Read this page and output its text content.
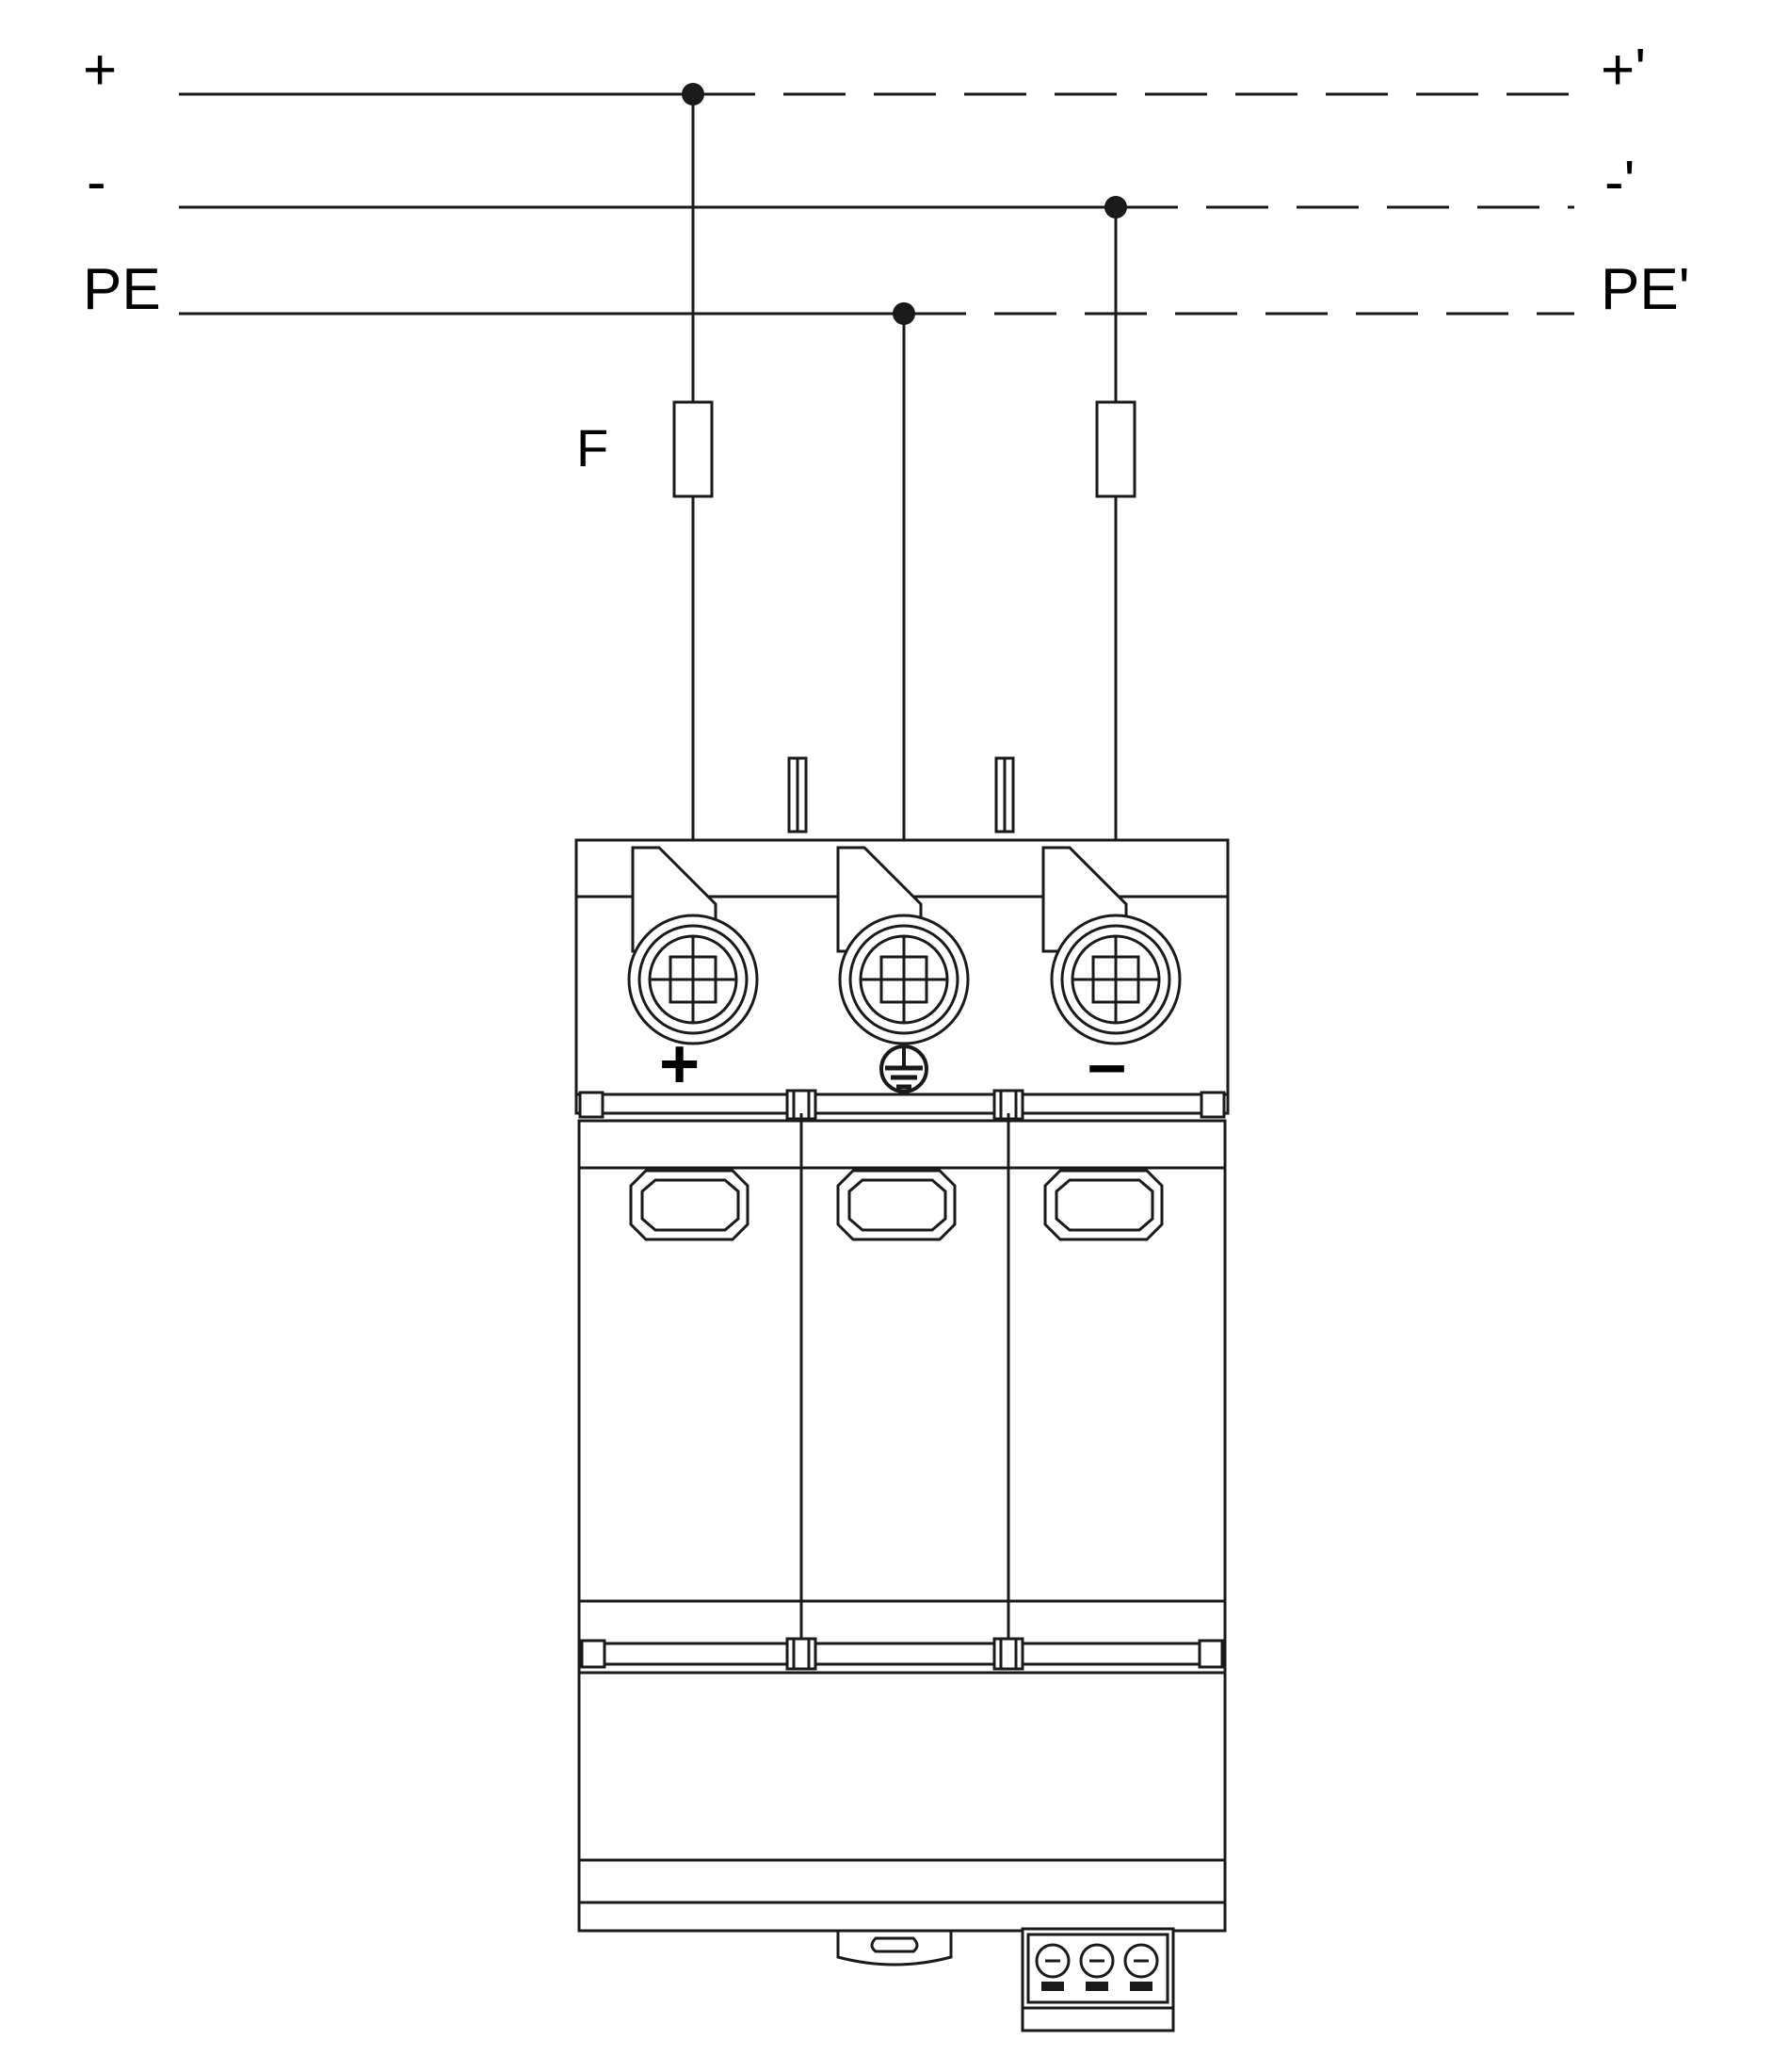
+
-
PE
+'
-'
PE'
F
+	–
